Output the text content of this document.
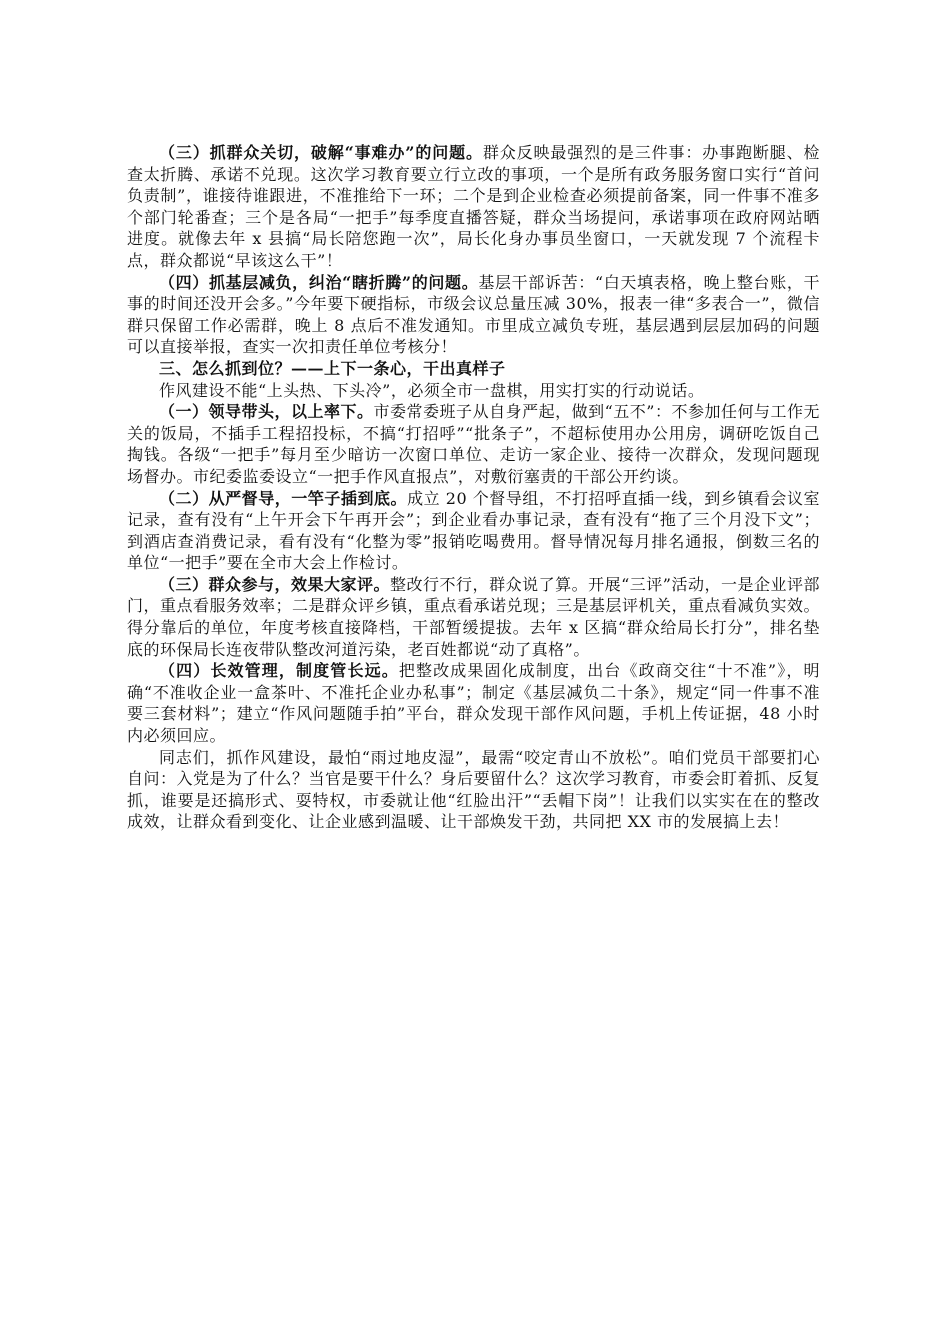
（三）抓群众关切，破解“事难办”的问题。群众反映最强烈的是三件事：办事跑断腿、检查太折腾、承诺不兑现。这次学习教育要立行立改的事项，一个是所有政务服务窗口实行“首问负责制”，谁接待谁跟进，不准推给下一环；二个是到企业检查必须提前备案，同一件事不准多个部门轮番查；三个是各局“一把手”每季度直播答疑，群众当场提问，承诺事项在政府网站晒进度。就像去年 x 县搞“局长陪您跑一次”，局长化身办事员坐窗口，一天就发现 7 个流程卡点，群众都说“早该这么干”！

（四）抓基层减负，纠治“瞎折腾”的问题。基层干部诉苦：“白天填表格，晚上整台账，干事的时间还没开会多。”今年要下硬指标，市级会议总量压减 30%，报表一律“多表合一”，微信群只保留工作必需群，晚上 8 点后不准发通知。市里成立减负专班，基层遇到层层加码的问题可以直接举报，查实一次扣责任单位考核分！

三、怎么抓到位？——上下一条心，干出真样子

作风建设不能“上头热、下头冷”，必须全市一盘棋，用实打实的行动说话。

（一）领导带头，以上率下。市委常委班子从自身严起，做到“五不”：不参加任何与工作无关的饭局，不插手工程招投标，不搞“打招呼”“批条子”，不超标使用办公用房，调研吃饭自己掏钱。各级“一把手”每月至少暗访一次窗口单位、走访一家企业、接待一次群众，发现问题现场督办。市纪委监委设立“一把手作风直报点”，对敷衍塞责的干部公开约谈。

（二）从严督导，一竿子插到底。成立 20 个督导组，不打招呼直插一线，到乡镇看会议室记录，查有没有“上午开会下午再开会”；到企业看办事记录，查有没有“拖了三个月没下文”；到酒店查消费记录，看有没有“化整为零”报销吃喝费用。督导情况每月排名通报，倒数三名的单位“一把手”要在全市大会上作检讨。

（三）群众参与，效果大家评。整改行不行，群众说了算。开展“三评”活动，一是企业评部门，重点看服务效率；二是群众评乡镇，重点看承诺兑现；三是基层评机关，重点看减负实效。得分靠后的单位，年度考核直接降档，干部暂缓提拔。去年 x 区搞“群众给局长打分”，排名垫底的环保局长连夜带队整改河道污染，老百姓都说“动了真格”。

（四）长效管理，制度管长远。把整改成果固化成制度，出台《政商交往“十不准”》，明确“不准收企业一盒茶叶、不准托企业办私事”；制定《基层减负二十条》，规定“同一件事不准要三套材料”；建立“作风问题随手拍”平台，群众发现干部作风问题，手机上传证据，48 小时内必须回应。

同志们，抓作风建设，最怕“雨过地皮湿”，最需“咬定青山不放松”。咱们党员干部要扪心自问：入党是为了什么？当官是要干什么？身后要留什么？这次学习教育，市委会盯着抓、反复抓，谁要是还搞形式、耍特权，市委就让他“红脸出汗”“丢帽下岗”！让我们以实实在在的整改成效，让群众看到变化、让企业感到温暖、让干部焕发干劲，共同把 XX 市的发展搞上去！
